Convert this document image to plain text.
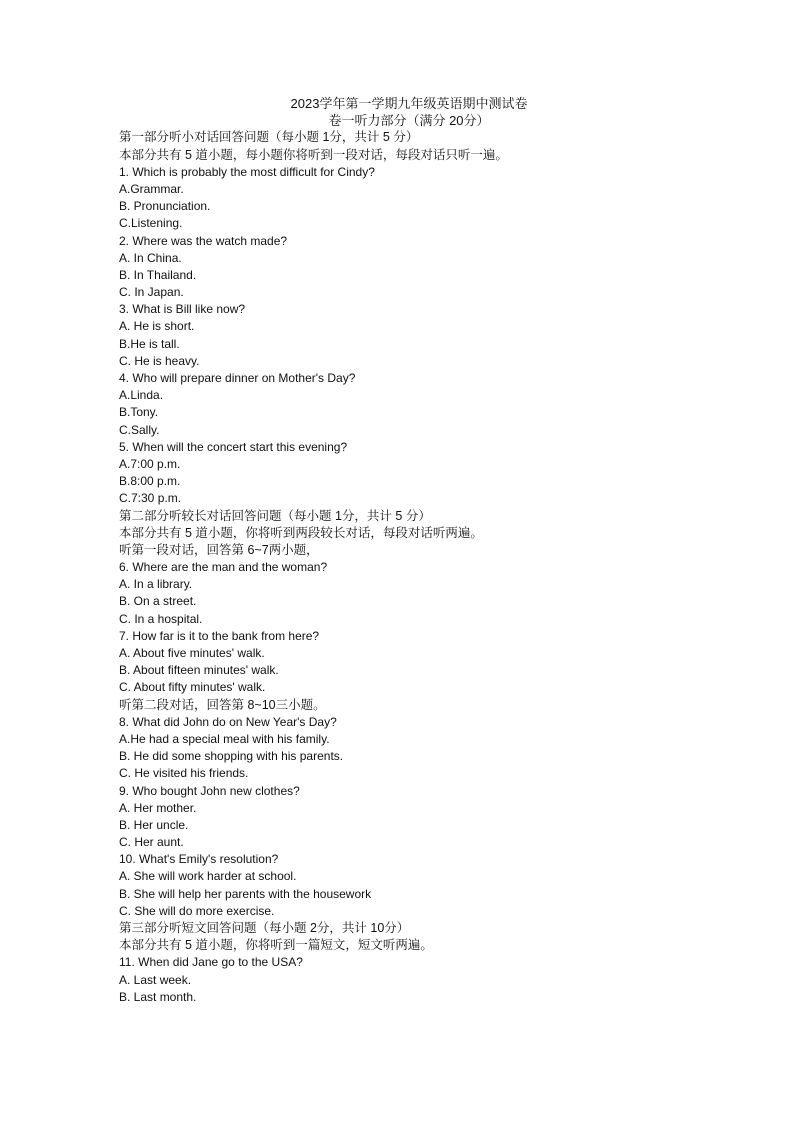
2023学年第一学期九年级英语期中测试卷
卷一听力部分（满分 20分）
第一部分听小对话回答问题（每小题 1分，共计 5 分）
本部分共有 5 道小题，每小题你将听到一段对话，每段对话只听一遍。
1. Which is probably the most difficult for Cindy?
A.Grammar.
B. Pronunciation.
C.Listening.
2. Where was the watch made?
A. In China.
B. In Thailand.
C. In Japan.
3. What is Bill like now?
A. He is short.
B.He is tall.
C. He is heavy.
4. Who will prepare dinner on Mother's Day?
A.Linda.
B.Tony.
C.Sally.
5. When will the concert start this evening?
A.7:00 p.m.
B.8:00 p.m.
C.7:30 p.m.
第二部分听较长对话回答问题（每小题 1分，共计 5 分）
本部分共有 5 道小题，你将听到两段较长对话，每段对话听两遍。
听第一段对话，回答第 6~7两小题，
6. Where are the man and the woman?
A. In a library.
B. On a street.
C. In a hospital.
7. How far is it to the bank from here?
A. About five minutes' walk.
B. About fifteen minutes' walk.
C. About fifty minutes' walk.
听第二段对话，回答第 8~10三小题。
8. What did John do on New Year's Day?
A.He had a special meal with his family.
B. He did some shopping with his parents.
C. He visited his friends.
9. Who bought John new clothes?
A. Her mother.
B. Her uncle.
C. Her aunt.
10. What's Emily's resolution?
A. She will work harder at school.
B. She will help her parents with the housework
C. She will do more exercise.
第三部分听短文回答问题（每小题 2分，共计 10分）
本部分共有 5 道小题，你将听到一篇短文，短文听两遍。
11. When did Jane go to the USA?
A. Last week.
B. Last month.
